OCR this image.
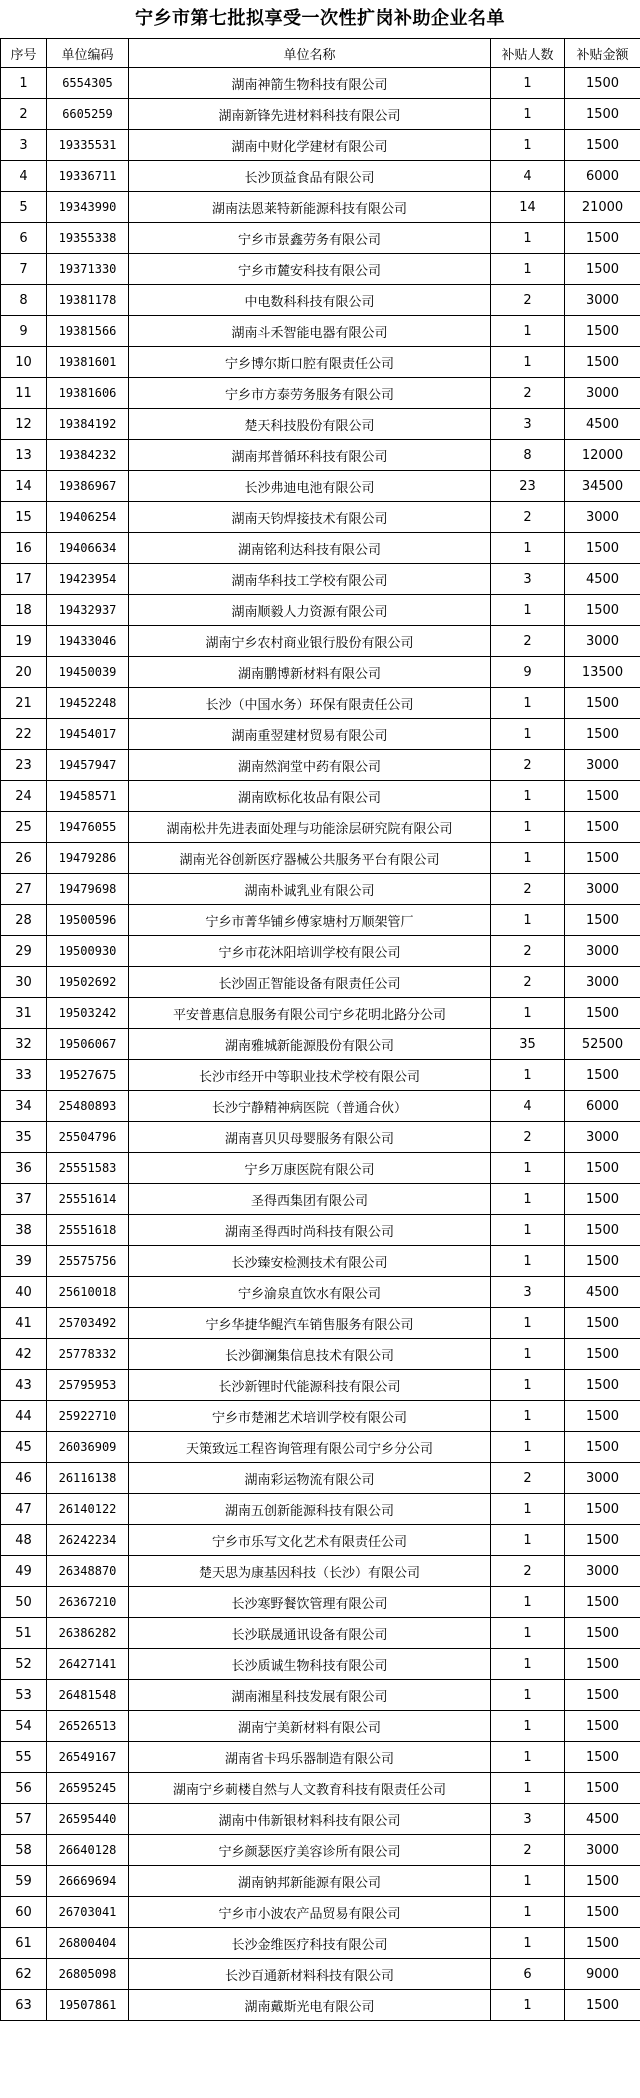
宁乡市第七批拟享受一次性扩岗补助企业名单
序号	单位编码	单位名称	补贴人数	补贴金额
1	6554305	湖南神箭生物科技有限公司	1	1500
2	6605259	湖南新锋先进材料科技有限公司	1	1500
3	19335531	湖南中财化学建材有限公司	1	1500
4	19336711	长沙顶益食品有限公司	4	6000
5	19343990	湖南法恩莱特新能源科技有限公司	14	21000
6	19355338	宁乡市景鑫劳务有限公司	1	1500
7	19371330	宁乡市麓安科技有限公司	1	1500
8	19381178	中电数科科技有限公司	2	3000
9	19381566	湖南斗禾智能电器有限公司	1	1500
10	19381601	宁乡博尔斯口腔有限责任公司	1	1500
11	19381606	宁乡市方泰劳务服务有限公司	2	3000
12	19384192	楚天科技股份有限公司	3	4500
13	19384232	湖南邦普循环科技有限公司	8	12000
14	19386967	长沙弗迪电池有限公司	23	34500
15	19406254	湖南天钧焊接技术有限公司	2	3000
16	19406634	湖南铭利达科技有限公司	1	1500
17	19423954	湖南华科技工学校有限公司	3	4500
18	19432937	湖南顺毅人力资源有限公司	1	1500
19	19433046	湖南宁乡农村商业银行股份有限公司	2	3000
20	19450039	湖南鹏博新材料有限公司	9	13500
21	19452248	长沙（中国水务）环保有限责任公司	1	1500
22	19454017	湖南重翌建材贸易有限公司	1	1500
23	19457947	湖南然润堂中药有限公司	2	3000
24	19458571	湖南欧标化妆品有限公司	1	1500
25	19476055	湖南松井先进表面处理与功能涂层研究院有限公司	1	1500
26	19479286	湖南光谷创新医疗器械公共服务平台有限公司	1	1500
27	19479698	湖南朴诚乳业有限公司	2	3000
28	19500596	宁乡市菁华铺乡傅家塘村万顺架管厂	1	1500
29	19500930	宁乡市花沐阳培训学校有限公司	2	3000
30	19502692	长沙固正智能设备有限责任公司	2	3000
31	19503242	平安普惠信息服务有限公司宁乡花明北路分公司	1	1500
32	19506067	湖南雅城新能源股份有限公司	35	52500
33	19527675	长沙市经开中等职业技术学校有限公司	1	1500
34	25480893	长沙宁静精神病医院（普通合伙）	4	6000
35	25504796	湖南喜贝贝母婴服务有限公司	2	3000
36	25551583	宁乡万康医院有限公司	1	1500
37	25551614	圣得西集团有限公司	1	1500
38	25551618	湖南圣得西时尚科技有限公司	1	1500
39	25575756	长沙臻安检测技术有限公司	1	1500
40	25610018	宁乡渝泉直饮水有限公司	3	4500
41	25703492	宁乡华捷华鲲汽车销售服务有限公司	1	1500
42	25778332	长沙御澜集信息技术有限公司	1	1500
43	25795953	长沙新锂时代能源科技有限公司	1	1500
44	25922710	宁乡市楚湘艺术培训学校有限公司	1	1500
45	26036909	天策致远工程咨询管理有限公司宁乡分公司	1	1500
46	26116138	湖南彩运物流有限公司	2	3000
47	26140122	湖南五创新能源科技有限公司	1	1500
48	26242234	宁乡市乐写文化艺术有限责任公司	1	1500
49	26348870	楚天思为康基因科技（长沙）有限公司	2	3000
50	26367210	长沙寒野餐饮管理有限公司	1	1500
51	26386282	长沙联晟通讯设备有限公司	1	1500
52	26427141	长沙质诚生物科技有限公司	1	1500
53	26481548	湖南湘星科技发展有限公司	1	1500
54	26526513	湖南宁美新材料有限公司	1	1500
55	26549167	湖南省卡玛乐器制造有限公司	1	1500
56	26595245	湖南宁乡莿楼自然与人文教育科技有限责任公司	1	1500
57	26595440	湖南中伟新银材料科技有限公司	3	4500
58	26640128	宁乡颜瑟医疗美容诊所有限公司	2	3000
59	26669694	湖南钠邦新能源有限公司	1	1500
60	26703041	宁乡市小波农产品贸易有限公司	1	1500
61	26800404	长沙金维医疗科技有限公司	1	1500
62	26805098	长沙百通新材料科技有限公司	6	9000
63	19507861	湖南戴斯光电有限公司	1	1500
